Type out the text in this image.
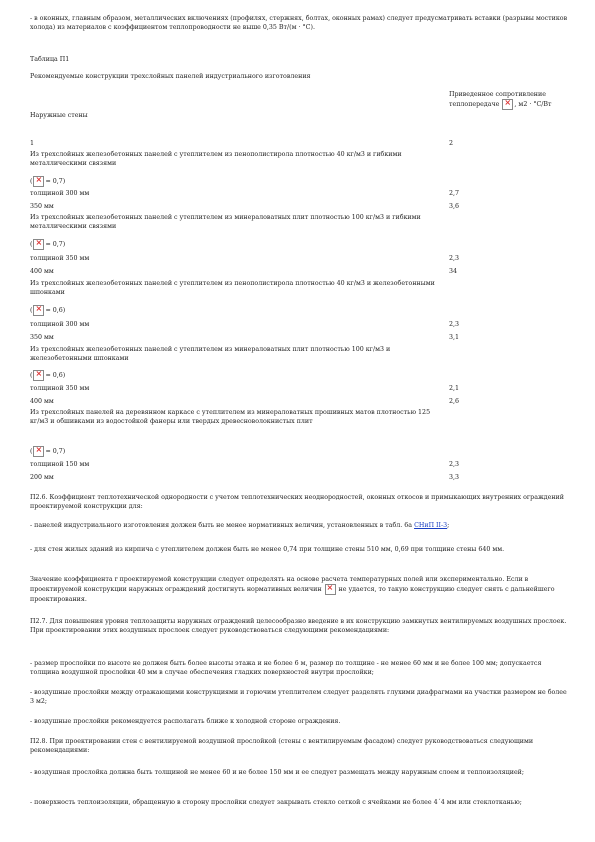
- в оконных, главным образом, металлических включениях (профилях, стержнях, болтах, оконных рамах) следует предусматривать вставки (разрывы мостиков холода) из материалов с коэффициентом теплопроводности не выше 0,35 Вт/(м · °С).

Таблица П1
Рекомендуемые конструкции трехслойных панелей индустриального изготовления
Наружные стены
Приведенное сопротивление теплопередаче × , м2 · °С/Вт
1	2
Из трехслойных железобетонных панелей с утеплителем из пенополистирола плотностью 40 кг/м3 и гибкими металлическими связями
( × = 0,7)
толщиной 300 мм	2,7
350 мм	3,6
Из трехслойных железобетонных панелей с утеплителем из минераловатных плит плотностью 100 кг/м3 и гибкими металлическими связями
( × = 0,7)
толщиной 350 мм	2,3
400 мм	34
Из трехслойных железобетонных панелей с утеплителем из пенополистирола плотностью 40 кг/м3 и железобетонными шпонками
( × = 0,6)
толщиной 300 мм	2,3
350 мм	3,1
Из трехслойных железобетонных панелей с утеплителем из минераловатных плит плотностью 100 кг/м3 и железобетонными шпонками
( × = 0,6)
толщиной 350 мм	2,1
400 мм	2,6
Из трехслойных панелей на деревянном каркасе с утеплителем из минераловатных прошивных матов плотностью 125 кг/м3 и обшивками из водостойкой фанеры или твердых древесноволокнистых плит
( × = 0,7)
толщиной 150 мм	2,3
200 мм	3,3

П2.6. Коэффициент теплотехнической однородности с учетом теплотехнических неоднородностей, оконных откосов и примыкающих внутренних ограждений проектируемой конструкции для:

- панелей индустриального изготовления должен быть не менее нормативных величин, установленных в табл. 6а СНиП II-3;

- для стен жилых зданий из кирпича с утеплителем должен быть не менее 0,74 при толщине стены 510 мм, 0,69 при толщине стены 640 мм.

Значение коэффициента r проектируемой конструкции следует определять на основе расчета температурных полей или экспериментально. Если в проектируемой конструкции наружных ограждений достигнуть нормативных величин × не удается, то такую конструкцию следует снять с дальнейшего проектирования.

П2.7. Для повышения уровня теплозащиты наружных ограждений целесообразно введение в их конструкцию замкнутых вентилируемых воздушных прослоек. При проектировании этих воздушных прослоек следует руководствоваться следующими рекомендациями:

- размер прослойки по высоте не должен быть более высоты этажа и не более 6 м, размер по толщине - не менее 60 мм и не более 100 мм; допускается толщина воздушной прослойки 40 мм в случае обеспечения гладких поверхностей внутри прослойки;

- воздушные прослойки между отражающими конструкциями и горючим утеплителем следует разделять глухими диафрагмами на участки размером не более 3 м2;

- воздушные прослойки рекомендуется располагать ближе к холодной стороне ограждения.

П2.8. При проектировании стен с вентилируемой воздушной прослойкой (стены с вентилируемым фасадом) следует руководствоваться следующими рекомендациями:

- воздушная прослойка должна быть толщиной не менее 60 и не более 150 мм и ее следует размещать между наружным слоем и теплоизоляцией;

- поверхность теплоизоляции, обращенную в сторону прослойки следует закрывать стекло сеткой с ячейками не более 4´4 мм или стеклотканью;
